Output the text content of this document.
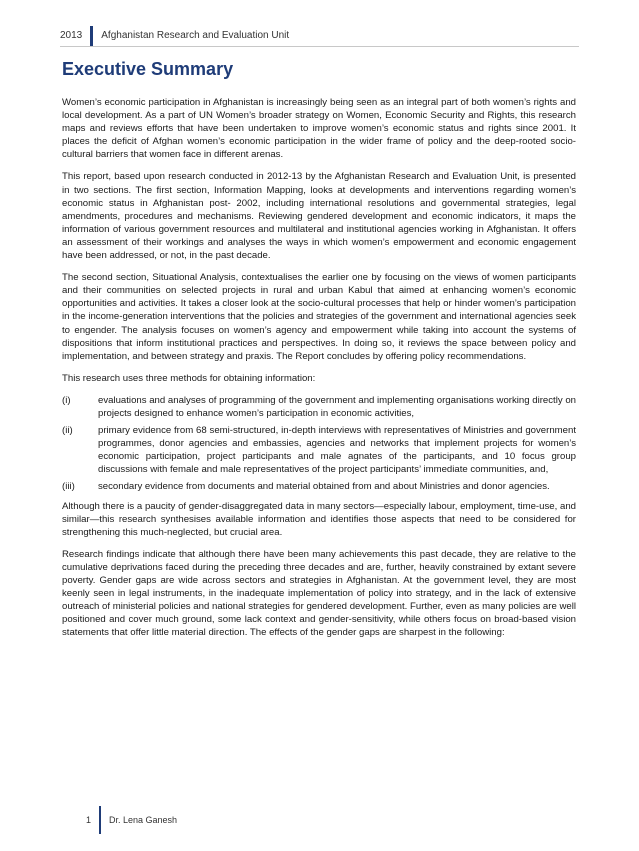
2013	Afghanistan Research and Evaluation Unit
Executive Summary

Women’s economic participation in Afghanistan is increasingly being seen as an integral part of both women’s rights and local development. As a part of UN Women’s broader strategy on Women, Economic Security and Rights, this research maps and reviews efforts that have been undertaken to improve women’s economic status and rights since 2001. It places the deficit of Afghan women’s economic participation in the wider frame of policy and the deep-rooted socio-cultural barriers that women face in different arenas.

This report, based upon research conducted in 2012-13 by the Afghanistan Research and Evaluation Unit, is presented in two sections. The first section, Information Mapping, looks at developments and interventions regarding women’s economic status in Afghanistan post- 2002, including international resolutions and governmental strategies, legal amendments, procedures and mechanisms. Reviewing gendered development and economic indicators, it maps the information of various government resources and multilateral and institutional agencies working in Afghanistan. It offers an assessment of their workings and analyses the ways in which women’s empowerment and economic engagement have been addressed, or not, in the past decade.

The second section, Situational Analysis, contextualises the earlier one by focusing on the views of women participants and their communities on selected projects in rural and urban Kabul that aimed at enhancing women’s economic opportunities and activities. It takes a closer look at the socio-cultural processes that help or hinder women’s participation in the income-generation interventions that the policies and strategies of the government and international agencies seek to engender. The analysis focuses on women’s agency and empowerment while taking into account the systems of dispositions that inform institutional practices and perspectives. In doing so, it reviews the space between policy and implementation, and between strategy and praxis. The Report concludes by offering policy recommendations.

This research uses three methods for obtaining information:

(i)	evaluations and analyses of programming of the government and implementing organisations working directly on projects designed to enhance women’s participation in economic activities,
(ii)	primary evidence from 68 semi-structured, in-depth interviews with representatives of Ministries and government programmes, donor agencies and embassies, agencies and networks that implement projects for women’s economic participation, project participants and male agnates of the participants, and 10 focus group discussions with female and male representatives of the project participants’ immediate communities, and,
(iii)	secondary evidence from documents and material obtained from and about Ministries and donor agencies.

Although there is a paucity of gender-disaggregated data in many sectors—especially labour, employment, time-use, and similar—this research synthesises available information and identifies those aspects that need to be considered for strengthening this much-neglected, but crucial area.

Research findings indicate that although there have been many achievements this past decade, they are relative to the cumulative deprivations faced during the preceding three decades and are, further, heavily constrained by extant severe poverty. Gender gaps are wide across sectors and strategies in Afghanistan. At the government level, they are most keenly seen in legal instruments, in the inadequate implementation of policy into strategy, and in the lack of extensive outreach of ministerial policies and national strategies for gendered development. Further, even as many policies are well positioned and cover much ground, some lack context and gender-sensitivity, while others focus on broad-based vision statements that offer little material direction. The effects of the gender gaps are sharpest in the following:

1	Dr. Lena Ganesh
